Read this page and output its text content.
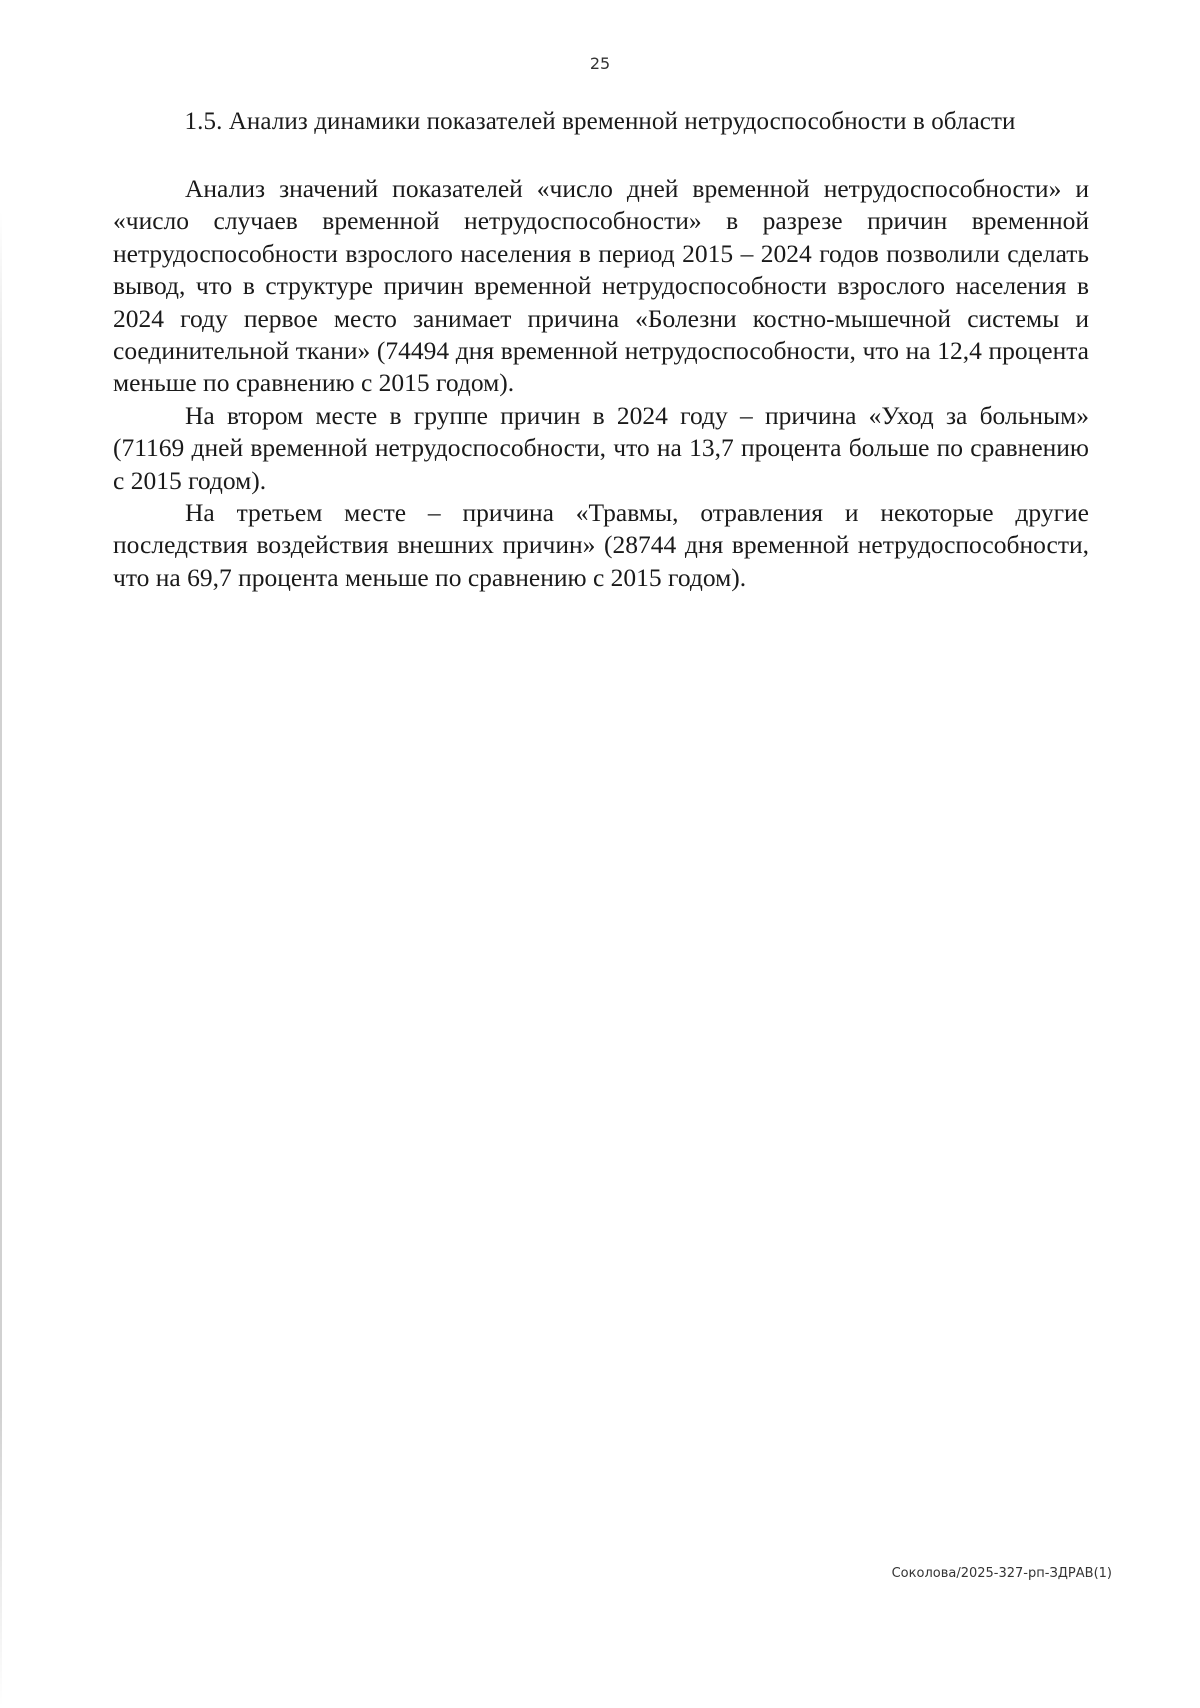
25
1.5. Анализ динамики показателей временной нетрудоспособности в области

Анализ значений показателей «число дней временной нетрудоспособности» и «число случаев временной нетрудоспособности» в разрезе причин временной нетрудоспособности взрослого населения в период 2015 – 2024 годов позволили сделать вывод, что в структуре причин временной нетрудоспособности взрослого населения в 2024 году первое место занимает причина «Болезни костно-мышечной системы и соединительной ткани» (74494 дня временной нетрудоспособности, что на 12,4 процента меньше по сравнению с 2015 годом).

На втором месте в группе причин в 2024 году – причина «Уход за больным» (71169 дней временной нетрудоспособности, что на 13,7 процента больше по сравнению с 2015 годом).

На третьем месте – причина «Травмы, отравления и некоторые другие последствия воздействия внешних причин» (28744 дня временной нетрудоспособности, что на 69,7 процента меньше по сравнению с 2015 годом).

Соколова/2025-327-рп-ЗДРАВ(1)
